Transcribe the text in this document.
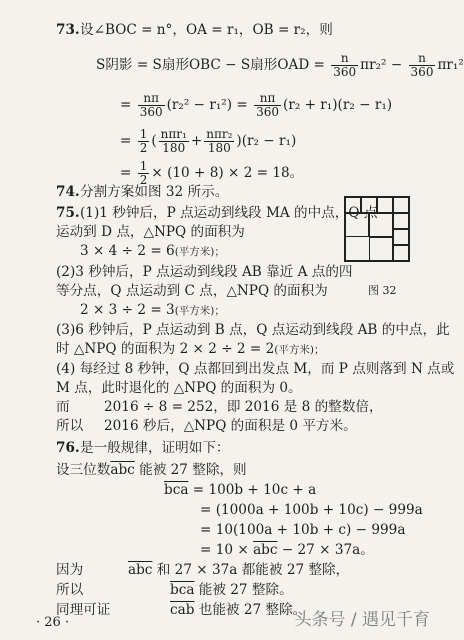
73. 设∠BOC = n°，OA = r₁，OB = r₂，则
S阴影 = S扇形OBC − S扇形OAD = $\frac{n}{360} \pi r_2^2 - \frac{n}{360} \pi r_1^2$
= $\frac{n\pi}{360} (r_2^2 - r_1^2) = \frac{n\pi}{360} (r_2 + r_1)(r_2 - r_1)$
= $\frac{1}{2}$ ( $\frac{\text{nπr₁}}{180} + \frac{\text{nπr₂}}{180} )(r_2 - r_1)$
= $\frac{1}{2} \times (10 + 8) \times 2 = 18$。
74. 分割方案如图 32 所示。
75. (1)1 秒钟后，P 点运动到线段 MA 的中点，Q 点
运动到 D 点，△NPQ 的面积为
3 × 4 ÷ 2 = 6(平方米)；
(2)3 秒钟后，P 点运动到线段 AB 靠近 A 点的四
等分点，Q 点运动到 C 点，△NPQ 的面积为
2 × 3 ÷ 2 = 3(平方米)；
(3)6 秒钟后，P 点运动到 B 点，Q 点运动到线段 AB 的中点，此
时 △NPQ 的面积为 2 × 2 ÷ 2 = 2(平方米)；
(4) 每经过 8 秒钟，Q 点都回到出发点 M，而 P 点则落到 N 点或
M 点，此时退化的 △NPQ 的面积为 0。
而	2016 ÷ 8 = 252，即 2016 是 8 的整数倍，
所以 2016 秒后，△NPQ 的面积是 0 平方米。
图 32
76. 是一般规律，证明如下：
设三位数$\overline{abc}$ 能被 27 整除，则
$\overline{bca} = 100b + 10c + a$
= (1000a + 100b + 10c) − 999a
= 10(100a + 10b + c) − 999a
= $10 \times \overline{abc} - 27 \times 37a$。
因为	$\overline{abc}$ 和 27 × 37a 都能被 27 整除，
所以	$\overline{bca}$ 能被 27 整除。
同理可证	$\overline{cab}$ 也能被 27 整除。
· 26 ·	头条号 / 遇见千育
